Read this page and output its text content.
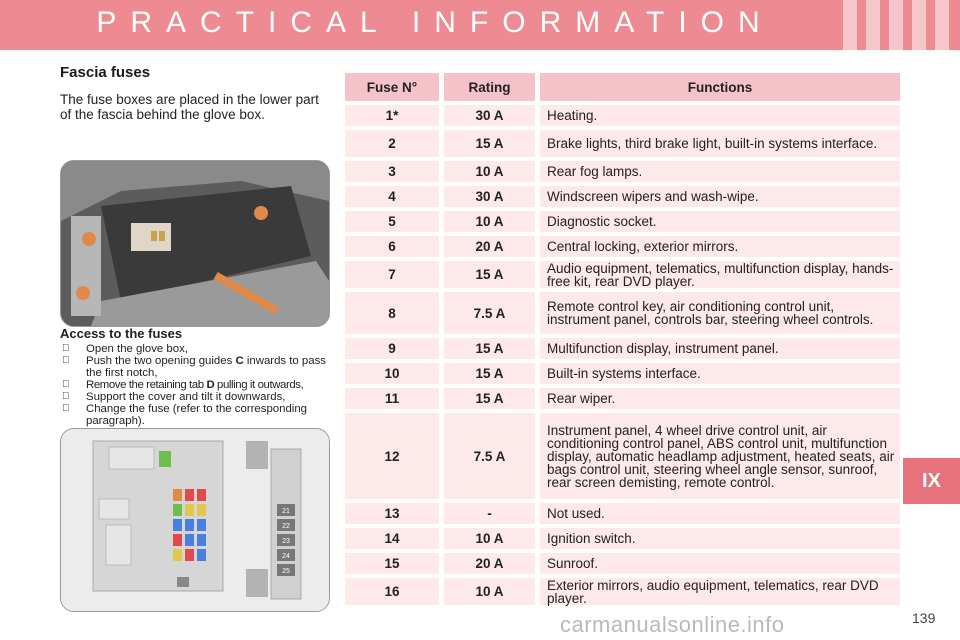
PRACTICAL INFORMATION
Fascia fuses
The fuse boxes are placed in the lower part of the fascia behind the glove box.
Access to the fuses
Open the glove box,
Push the two opening guides C inwards to pass the first notch,
Remove the retaining tab D pulling it outwards,
Support the cover and tilt it downwards,
Change the fuse (refer to the corresponding paragraph).
21
22
23
24
25
Fuse N°	Rating	Functions
1*	30 A	Heating.
2	15 A	Brake lights, third brake light, built-in systems interface.
3	10 A	Rear fog lamps.
4	30 A	Windscreen wipers and wash-wipe.
5	10 A	Diagnostic socket.
6	20 A	Central locking, exterior mirrors.
7	15 A	Audio equipment, telematics, multifunction display, hands-free kit, rear DVD player.
8	7.5 A	Remote control key, air conditioning control unit, instrument panel, controls bar, steering wheel controls.
9	15 A	Multifunction display, instrument panel.
10	15 A	Built-in systems interface.
11	15 A	Rear wiper.
12	7.5 A	Instrument panel, 4 wheel drive control unit, air conditioning control panel, ABS control unit, multifunction display, automatic headlamp adjustment, heated seats, air bags control unit, steering wheel angle sensor, sunroof, rear screen demisting, remote control.
13	-	Not used.
14	10 A	Ignition switch.
15	20 A	Sunroof.
16	10 A	Exterior mirrors, audio equipment, telematics, rear DVD player.
IX
carmanualsonline.info	139
